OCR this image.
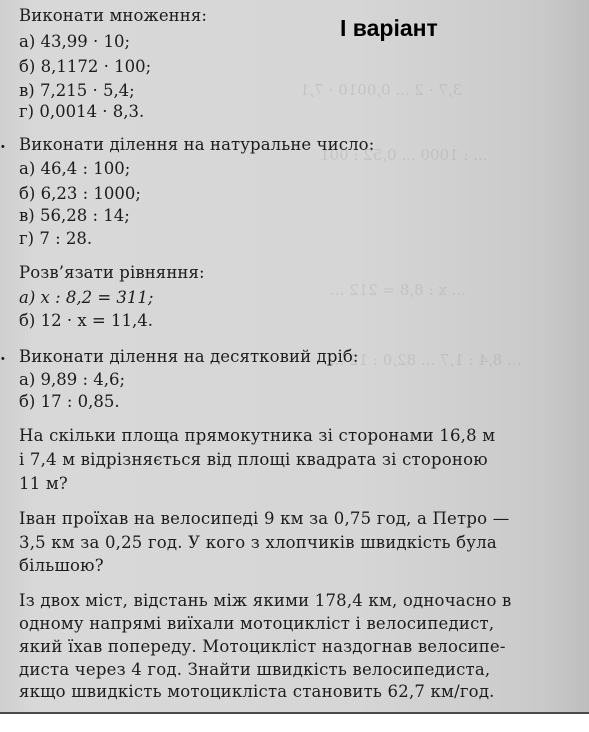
3,7 · 2 ... 0,0010 · 7,1
... : 1000 ... 0,52 : 001
... x : 8,8 = 212 ...
... 8,4 : 1,7 ... 82,0 : 12 ...
І варіант
Виконати множення:
а) 43,99 · 10;
б) 8,1172 · 100;
в) 7,215 · 5,4;
г) 0,0014 · 8,3.
. Виконати ділення на натуральне число:
а) 46,4 : 100;
б) 6,23 : 1000;
в) 56,28 : 14;
г) 7 : 28.
Розв’язати рівняння:
а) x : 8,2 = 311;
б) 12 · x = 11,4.
. Виконати ділення на десятковий дріб:
а) 9,89 : 4,6;
б) 17 : 0,85.
На скільки площа прямокутника зі сторонами 16,8 м
і 7,4 м відрізняється від площі квадрата зі стороною
11 м?
Іван проїхав на велосипеді 9 км за 0,75 год, а Петро —
3,5 км за 0,25 год. У кого з хлопчиків швидкість була
більшою?
Із двох міст, відстань між якими 178,4 км, одночасно в
одному напрямі виїхали мотоцикліст і велосипедист,
який їхав попереду. Мотоцикліст наздогнав велосипе-
диста через 4 год. Знайти швидкість велосипедиста,
якщо швидкість мотоцикліста становить 62,7 км/год.
